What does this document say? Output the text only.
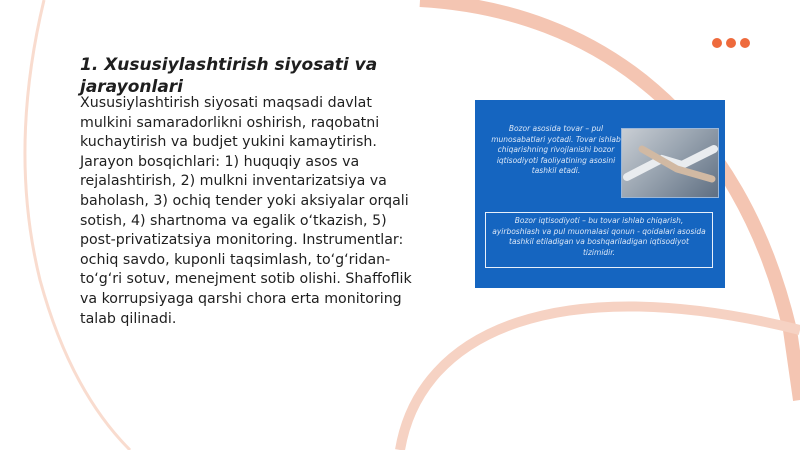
1. Xususiylashtirish siyosati va jarayonlari

Xususiylashtirish siyosati maqsadi davlat mulkini samaradorlikni oshirish, raqobatni kuchaytirish va budjet yukini kamaytirish. Jarayon bosqichlari: 1) huquqiy asos va rejalashtirish, 2) mulkni inventarizatsiya va baholash, 3) ochiq tender yoki aksiyalar orqali sotish, 4) shartnoma va egalik o‘tkazish, 5) post-privatizatsiya monitoring. Instrumentlar: ochiq savdo, kuponli taqsimlash, to‘g‘ridan-to‘g‘ri sotuv, menejment sotib olishi. Shaffoflik va korrupsiyaga qarshi chora erta monitoring talab qilinadi.

Bozor asosida tovar – pul munosabatlari yotadi. Tovar ishlab chiqarishning rivojlanishi bozor iqtisodiyoti faoliyatining asosini tashkil etadi.
Bozor iqtisodiyoti – bu tovar ishlab chiqarish, ayirboshlash va pul muomalasi qonun - qoidalari asosida tashkil etiladigan va boshqariladigan iqtisodiyot tizimidir.
